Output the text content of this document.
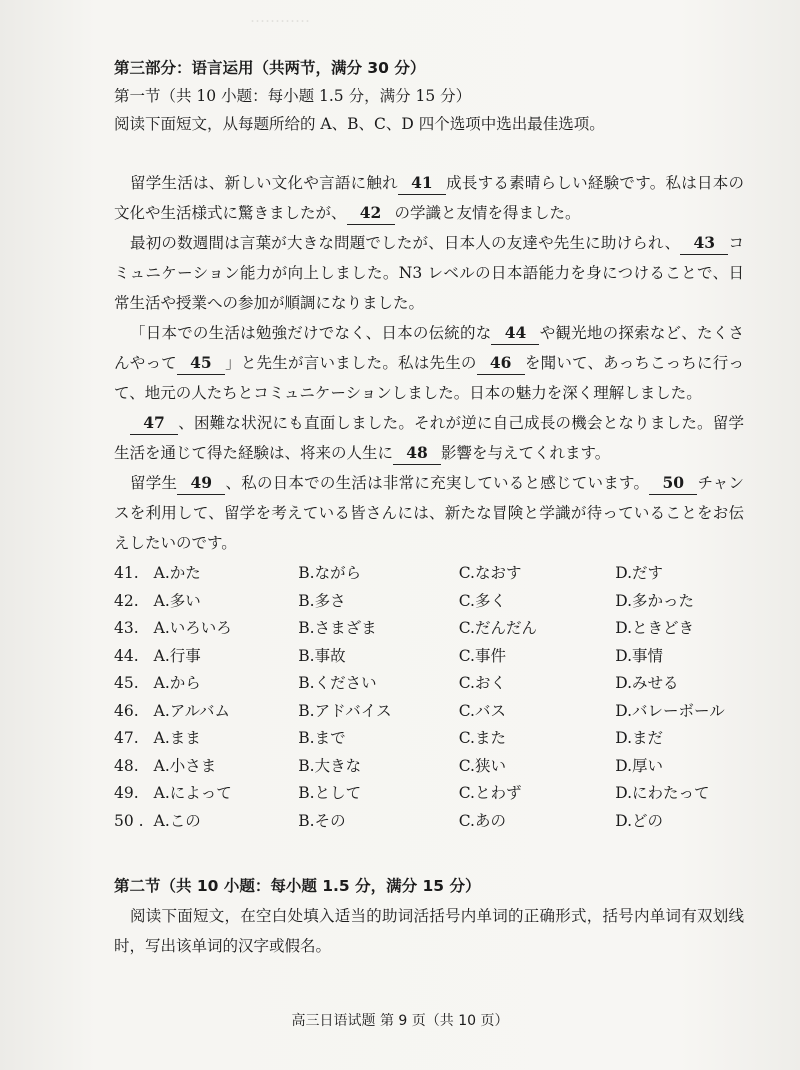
…………

第三部分：语言运用（共两节，满分 30 分）

第一节（共 10 小题：每小题 1.5 分，满分 15 分）

阅读下面短文，从每题所给的 A、B、C、D 四个选项中选出最佳选项。

留学生活は、新しい文化や言語に触れ 41 成長する素晴らしい経験です。私は日本の文化や生活様式に驚きましたが、 42 の学識と友情を得ました。

最初の数週間は言葉が大きな問題でしたが、日本人の友達や先生に助けられ、 43 コミュニケーション能力が向上しました。N3 レベルの日本語能力を身につけることで、日常生活や授業への参加が順調になりました。

「日本での生活は勉強だけでなく、日本の伝統的な 44 や観光地の探索など、たくさんやって 45 」と先生が言いました。私は先生の 46 を聞いて、あっちこっちに行って、地元の人たちとコミュニケーションしました。日本の魅力を深く理解しました。

47 、困難な状況にも直面しました。それが逆に自己成長の機会となりました。留学生活を通じて得た経験は、将来の人生に 48 影響を与えてくれます。

留学生 49 、私の日本での生活は非常に充実していると感じています。 50 チャンスを利用して、留学を考えている皆さんには、新たな冒険と学識が待っていることをお伝えしたいのです。

41. A.かた	B.ながら	C.なおす	D.だす
42. A.多い	B.多さ	C.多く	D.多かった
43. A.いろいろ	B.さまざま	C.だんだん	D.ときどき
44. A.行事	B.事故	C.事件	D.事情
45. A.から	B.ください	C.おく	D.みせる
46. A.アルバム	B.アドバイス	C.バス	D.バレーボール
47. A.まま	B.まで	C.また	D.まだ
48. A.小さま	B.大きな	C.狭い	D.厚い
49. A.によって	B.として	C.とわず	D.にわたって
50 . A.この	B.その	C.あの	D.どの

第二节（共 10 小题：每小题 1.5 分，满分 15 分）

阅读下面短文，在空白处填入适当的助词活括号内单词的正确形式，括号内单词有双划线时，写出该单词的汉字或假名。

高三日语试题 第 9 页（共 10 页）
